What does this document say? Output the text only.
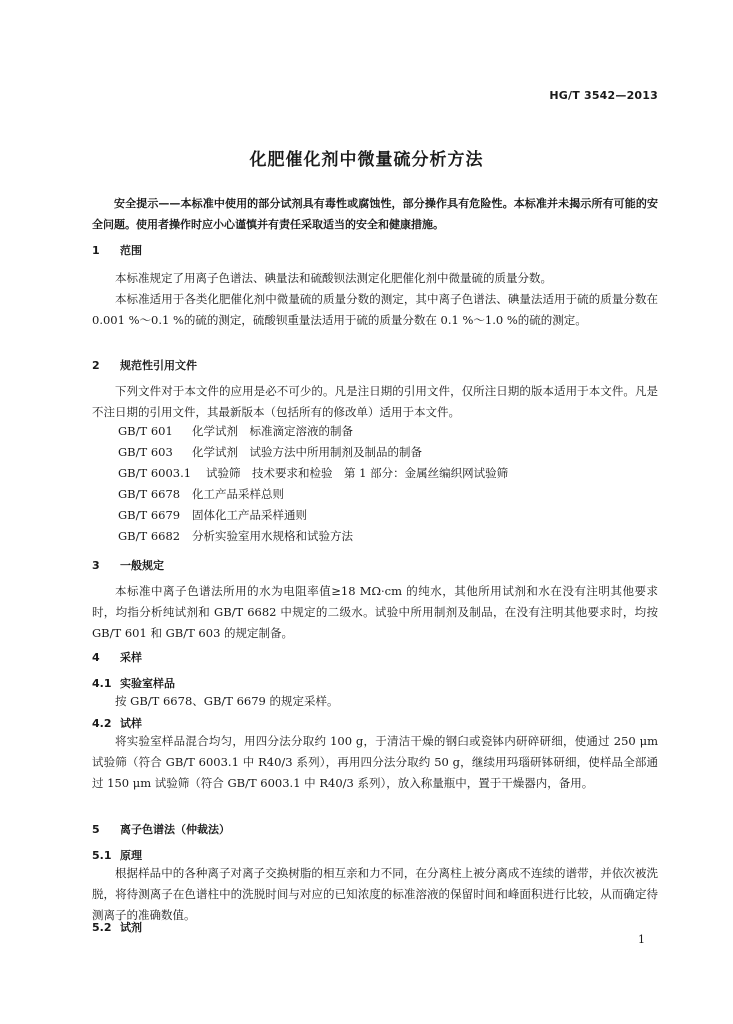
HG/T 3542—2013
化肥催化剂中微量硫分析方法

安全提示——本标准中使用的部分试剂具有毒性或腐蚀性，部分操作具有危险性。本标准并未揭示所有可能的安全问题。使用者操作时应小心谨慎并有责任采取适当的安全和健康措施。

1 范围

本标准规定了用离子色谱法、碘量法和硫酸钡法测定化肥催化剂中微量硫的质量分数。

本标准适用于各类化肥催化剂中微量硫的质量分数的测定，其中离子色谱法、碘量法适用于硫的质量分数在 0.001 %～0.1 %的硫的测定，硫酸钡重量法适用于硫的质量分数在 0.1 %～1.0 %的硫的测定。

2 规范性引用文件

下列文件对于本文件的应用是必不可少的。凡是注日期的引用文件，仅所注日期的版本适用于本文件。凡是不注日期的引用文件，其最新版本（包括所有的修改单）适用于本文件。

GB/T 601 化学试剂　标准滴定溶液的制备
GB/T 603 化学试剂　试验方法中所用制剂及制品的制备
GB/T 6003.1 试验筛　技术要求和检验　第 1 部分：金属丝编织网试验筛
GB/T 6678 化工产品采样总则
GB/T 6679 固体化工产品采样通则
GB/T 6682 分析实验室用水规格和试验方法
3 一般规定

本标准中离子色谱法所用的水为电阻率值≥18 MΩ·cm 的纯水，其他所用试剂和水在没有注明其他要求时，均指分析纯试剂和 GB/T 6682 中规定的二级水。试验中所用制剂及制品，在没有注明其他要求时，均按 GB/T 601 和 GB/T 603 的规定制备。

4 采样
4.1 实验室样品

按 GB/T 6678、GB/T 6679 的规定采样。

4.2 试样

将实验室样品混合均匀，用四分法分取约 100 g，于清洁干燥的钢臼或瓷钵内研碎研细，使通过 250 μm 试验筛（符合 GB/T 6003.1 中 R40/3 系列），再用四分法分取约 50 g，继续用玛瑙研钵研细，使样品全部通过 150 μm 试验筛（符合 GB/T 6003.1 中 R40/3 系列），放入称量瓶中，置于干燥器内，备用。

5 离子色谱法（仲裁法）
5.1 原理

根据样品中的各种离子对离子交换树脂的相互亲和力不同，在分离柱上被分离成不连续的谱带，并依次被洗脱，将待测离子在色谱柱中的洗脱时间与对应的已知浓度的标准溶液的保留时间和峰面积进行比较，从而确定待测离子的准确数值。

5.2 试剂
1
